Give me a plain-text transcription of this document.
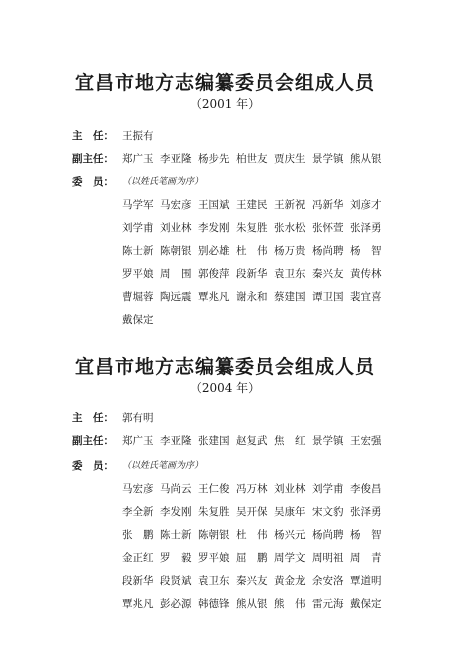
宜昌市地方志编纂委员会组成人员
（2001 年）
主　任： 王振有
副主任： 郑广玉 李亚隆 杨步先 柏世友 贾庆生 景学镇 熊从银
委　员： （以姓氏笔画为序）
马学军 马宏彦 王国斌 王建民 王新祝 冯新华 刘彦才
刘学甫 刘业林 李发刚 朱复胜 张水松 张怀萱 张泽勇
陈士新 陈朝银 别必雄 杜　伟 杨万贵 杨尚聘 杨　智
罗平娘 周　围 郭俊萍 段新华 袁卫东 秦兴友 黄传林
曹堀蓉 陶远震 覃兆凡 谢永和 蔡建国 谭卫国 裴宜喜
戴保定
宜昌市地方志编纂委员会组成人员
（2004 年）
主　任： 郭有明
副主任： 郑广玉 李亚隆 张建国 赵复武 焦　红 景学镇 王宏强
委　员： （以姓氏笔画为序）
马宏彦 马尚云 王仁俊 冯万林 刘业林 刘学甫 李俊昌
李全新 李发刚 朱复胜 吴开保 吴康年 宋文豹 张泽勇
张　鹏 陈士新 陈朝银 杜　伟 杨兴元 杨尚聘 杨　智
金正红 罗　毅 罗平娘 屈　鹏 周学文 周明祖 周　青
段新华 段贤斌 袁卫东 秦兴友 黄金龙 余安洛 覃道明
覃兆凡 彭必源 韩德锋 熊从银 熊　伟 雷元海 戴保定
